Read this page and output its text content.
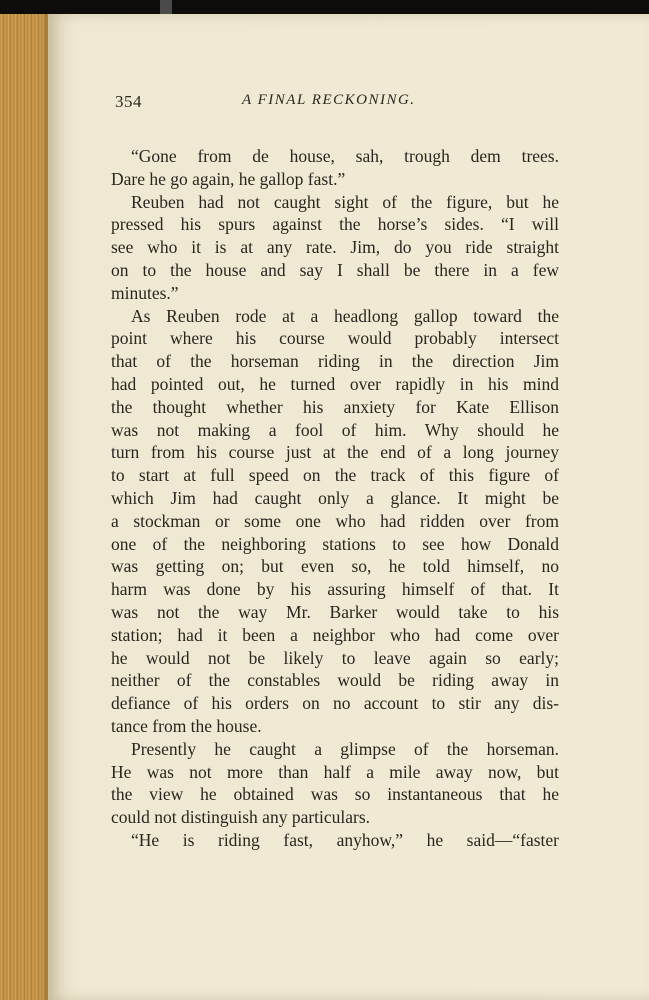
354	A FINAL RECKONING.
“Gone from de house, sah, trough dem trees.
Dare he go again, he gallop fast.”
Reuben had not caught sight of the figure, but he
pressed his spurs against the horse’s sides. “I will
see who it is at any rate. Jim, do you ride straight
on to the house and say I shall be there in a few
minutes.”
As Reuben rode at a headlong gallop toward the
point where his course would probably intersect
that of the horseman riding in the direction Jim
had pointed out, he turned over rapidly in his mind
the thought whether his anxiety for Kate Ellison
was not making a fool of him. Why should he
turn from his course just at the end of a long journey
to start at full speed on the track of this figure of
which Jim had caught only a glance. It might be
a stockman or some one who had ridden over from
one of the neighboring stations to see how Donald
was getting on; but even so, he told himself, no
harm was done by his assuring himself of that. It
was not the way Mr. Barker would take to his
station; had it been a neighbor who had come over
he would not be likely to leave again so early;
neither of the constables would be riding away in
defiance of his orders on no account to stir any dis-
tance from the house.
Presently he caught a glimpse of the horseman.
He was not more than half a mile away now, but
the view he obtained was so instantaneous that he
could not distinguish any particulars.
“He is riding fast, anyhow,” he said—“faster
